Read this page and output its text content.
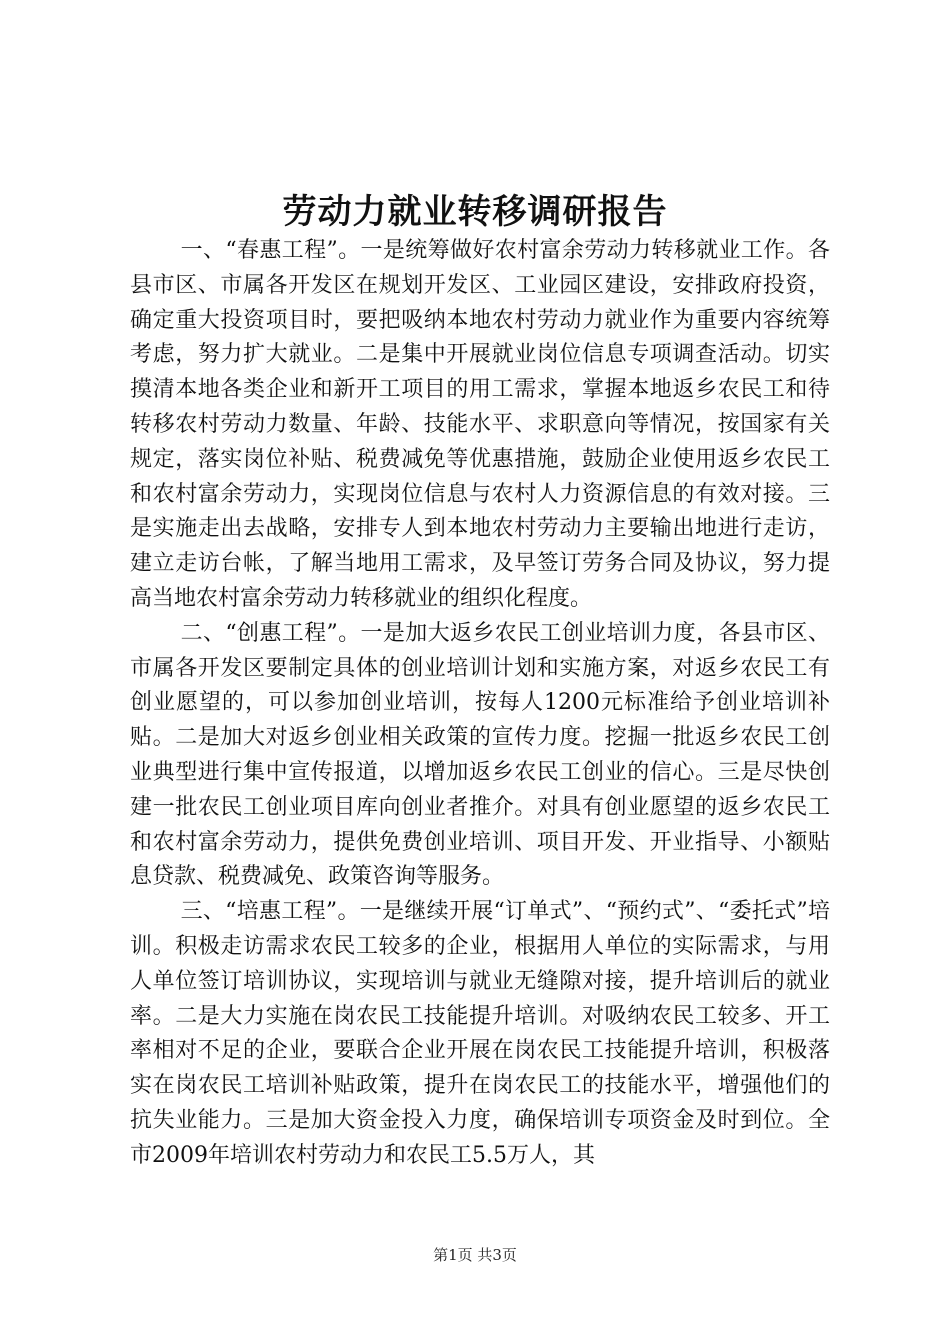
劳动力就业转移调研报告

一、“春惠工程”。一是统筹做好农村富余劳动力转移就业工作。各县市区、市属各开发区在规划开发区、工业园区建设，安排政府投资，确定重大投资项目时，要把吸纳本地农村劳动力就业作为重要内容统筹考虑，努力扩大就业。二是集中开展就业岗位信息专项调查活动。切实摸清本地各类企业和新开工项目的用工需求，掌握本地返乡农民工和待转移农村劳动力数量、年龄、技能水平、求职意向等情况，按国家有关规定，落实岗位补贴、税费减免等优惠措施，鼓励企业使用返乡农民工和农村富余劳动力，实现岗位信息与农村人力资源信息的有效对接。三是实施走出去战略，安排专人到本地农村劳动力主要输出地进行走访，建立走访台帐，了解当地用工需求，及早签订劳务合同及协议，努力提高当地农村富余劳动力转移就业的组织化程度。

二、“创惠工程”。一是加大返乡农民工创业培训力度，各县市区、市属各开发区要制定具体的创业培训计划和实施方案，对返乡农民工有创业愿望的，可以参加创业培训，按每人1200元标准给予创业培训补贴。二是加大对返乡创业相关政策的宣传力度。挖掘一批返乡农民工创业典型进行集中宣传报道，以增加返乡农民工创业的信心。三是尽快创建一批农民工创业项目库向创业者推介。对具有创业愿望的返乡农民工和农村富余劳动力，提供免费创业培训、项目开发、开业指导、小额贴息贷款、税费减免、政策咨询等服务。

三、“培惠工程”。一是继续开展“订单式”、“预约式”、“委托式”培训。积极走访需求农民工较多的企业，根据用人单位的实际需求，与用人单位签订培训协议，实现培训与就业无缝隙对接，提升培训后的就业率。二是大力实施在岗农民工技能提升培训。对吸纳农民工较多、开工率相对不足的企业，要联合企业开展在岗农民工技能提升培训，积极落实在岗农民工培训补贴政策，提升在岗农民工的技能水平，增强他们的抗失业能力。三是加大资金投入力度，确保培训专项资金及时到位。全市2009年培训农村劳动力和农民工5.5万人，其

第1页 共3页
